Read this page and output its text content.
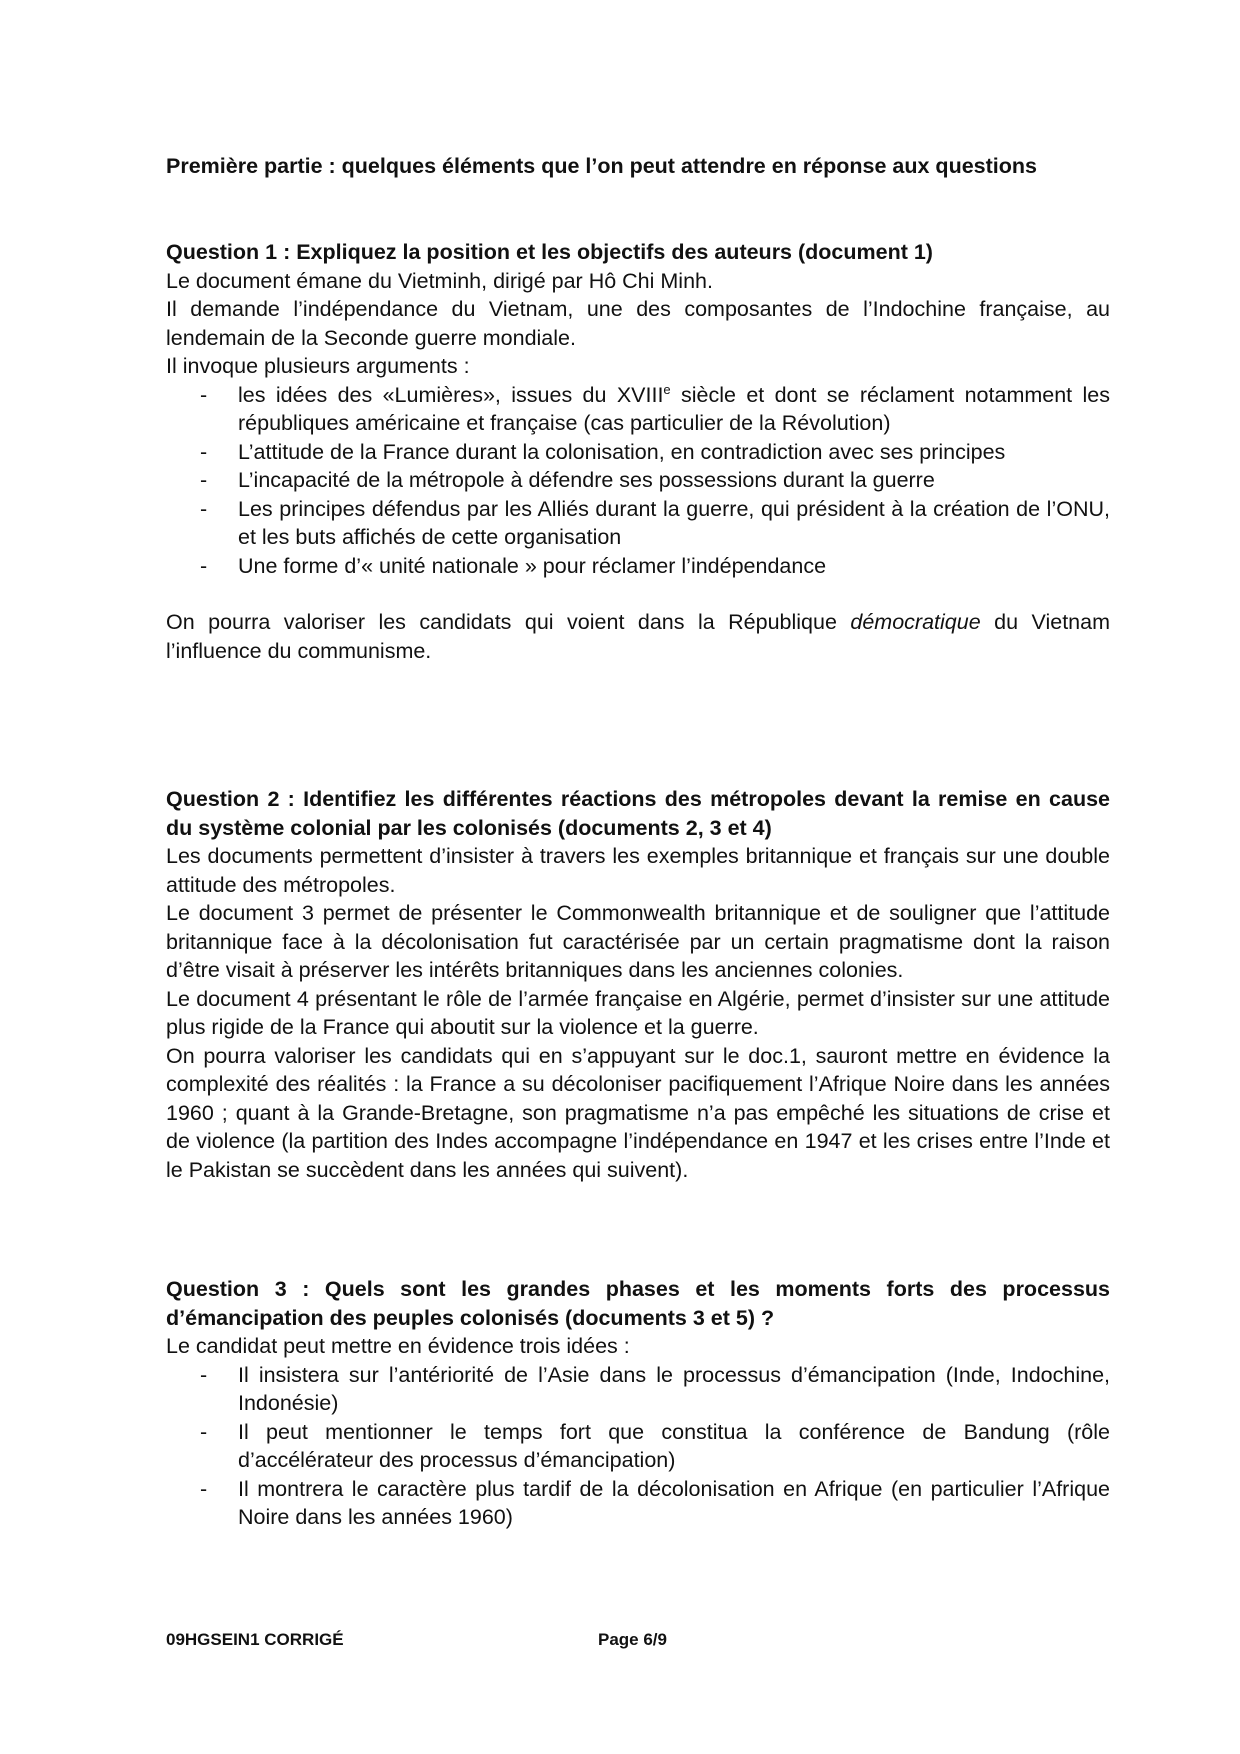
Première partie : quelques éléments que l’on peut attendre en réponse aux questions

Question 1 : Expliquez la position et les objectifs des auteurs (document 1)

Le document émane du Vietminh, dirigé par Hô Chi Minh.

Il demande l’indépendance du Vietnam, une des composantes de l’Indochine française, au lendemain de la Seconde guerre mondiale.

Il invoque plusieurs arguments :

- les idées des «Lumières», issues du XVIIIe siècle et dont se réclament notamment les républiques américaine et française (cas particulier de la Révolution)
- L’attitude de la France durant la colonisation, en contradiction avec ses principes
- L’incapacité de la métropole à défendre ses possessions durant la guerre
- Les principes défendus par les Alliés durant la guerre, qui président à la création de l’ONU, et les buts affichés de cette organisation
- Une forme d’« unité nationale » pour réclamer l’indépendance

On pourra valoriser les candidats qui voient dans la République démocratique du Vietnam l’influence du communisme.

Question 2 : Identifiez les différentes réactions des métropoles devant la remise en cause du système colonial par les colonisés (documents 2, 3 et 4)

Les documents permettent d’insister à travers les exemples britannique et français sur une double attitude des métropoles.

Le document 3 permet de présenter le Commonwealth britannique et de souligner que l’attitude britannique face à la décolonisation fut caractérisée par un certain pragmatisme dont la raison d’être visait à préserver les intérêts britanniques dans les anciennes colonies.

Le document 4 présentant le rôle de l’armée française en Algérie, permet d’insister sur une attitude plus rigide de la France qui aboutit sur la violence et la guerre.

On pourra valoriser les candidats qui en s’appuyant sur le doc.1, sauront mettre en évidence la complexité des réalités : la France a su décoloniser pacifiquement l’Afrique Noire dans les années 1960 ; quant à la Grande-Bretagne, son pragmatisme n’a pas empêché les situations de crise et de violence (la partition des Indes accompagne l’indépendance en 1947 et les crises entre l’Inde et le Pakistan se succèdent dans les années qui suivent).

Question 3 : Quels sont les grandes phases et les moments forts des processus d’émancipation des peuples colonisés (documents 3 et 5) ?

Le candidat peut mettre en évidence trois idées :

- Il insistera sur l’antériorité de l’Asie dans le processus d’émancipation (Inde, Indochine, Indonésie)
- Il peut mentionner le temps fort que constitua la conférence de Bandung (rôle d’accélérateur des processus d’émancipation)
- Il montrera le caractère plus tardif de la décolonisation en Afrique (en particulier l’Afrique Noire dans les années 1960)
09HGSEIN1 CORRIGÉ	Page 6/9
